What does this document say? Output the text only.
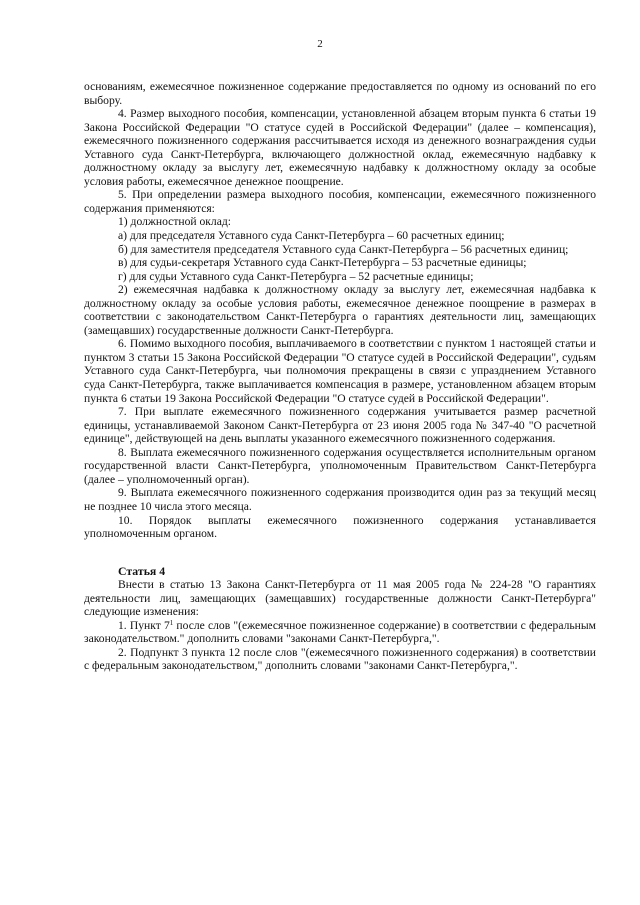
2

основаниям, ежемесячное пожизненное содержание предоставляется по одному из оснований по его выбору.

4. Размер выходного пособия, компенсации, установленной абзацем вторым пункта 6 статьи 19 Закона Российской Федерации "О статусе судей в Российской Федерации" (далее – компенсация), ежемесячного пожизненного содержания рассчитывается исходя из денежного вознаграждения судьи Уставного суда Санкт-Петербурга, включающего должностной оклад, ежемесячную надбавку к должностному окладу за выслугу лет, ежемесячную надбавку к должностному окладу за особые условия работы, ежемесячное денежное поощрение.

5. При определении размера выходного пособия, компенсации, ежемесячного пожизненного содержания применяются:

1) должностной оклад:

а) для председателя Уставного суда Санкт-Петербурга – 60 расчетных единиц;

б) для заместителя председателя Уставного суда Санкт-Петербурга – 56 расчетных единиц;

в) для судьи-секретаря Уставного суда Санкт-Петербурга – 53 расчетные единицы;

г) для судьи Уставного суда Санкт-Петербурга – 52 расчетные единицы;

2) ежемесячная надбавка к должностному окладу за выслугу лет, ежемесячная надбавка к должностному окладу за особые условия работы, ежемесячное денежное поощрение в размерах в соответствии с законодательством Санкт-Петербурга о гарантиях деятельности лиц, замещающих (замещавших) государственные должности Санкт-Петербурга.

6. Помимо выходного пособия, выплачиваемого в соответствии с пунктом 1 настоящей статьи и пунктом 3 статьи 15 Закона Российской Федерации "О статусе судей в Российской Федерации", судьям Уставного суда Санкт-Петербурга, чьи полномочия прекращены в связи с упразднением Уставного суда Санкт-Петербурга, также выплачивается компенсация в размере, установленном абзацем вторым пункта 6 статьи 19 Закона Российской Федерации "О статусе судей в Российской Федерации".

7. При выплате ежемесячного пожизненного содержания учитывается размер расчетной единицы, устанавливаемой Законом Санкт-Петербурга от 23 июня 2005 года № 347-40 "О расчетной единице", действующей на день выплаты указанного ежемесячного пожизненного содержания.

8. Выплата ежемесячного пожизненного содержания осуществляется исполнительным органом государственной власти Санкт-Петербурга, уполномоченным Правительством Санкт-Петербурга (далее – уполномоченный орган).

9. Выплата ежемесячного пожизненного содержания производится один раз за текущий месяц не позднее 10 числа этого месяца.

10. Порядок выплаты ежемесячного пожизненного содержания устанавливается уполномоченным органом.

Статья 4

Внести в статью 13 Закона Санкт-Петербурга от 11 мая 2005 года № 224-28 "О гарантиях деятельности лиц, замещающих (замещавших) государственные должности Санкт-Петербурга" следующие изменения:

1. Пункт $7^1$ после слов "(ежемесячное пожизненное содержание) в соответствии с федеральным законодательством." дополнить словами "законами Санкт-Петербурга,".

2. Подпункт 3 пункта 12 после слов "(ежемесячного пожизненного содержания) в соответствии с федеральным законодательством," дополнить словами "законами Санкт-Петербурга,".
